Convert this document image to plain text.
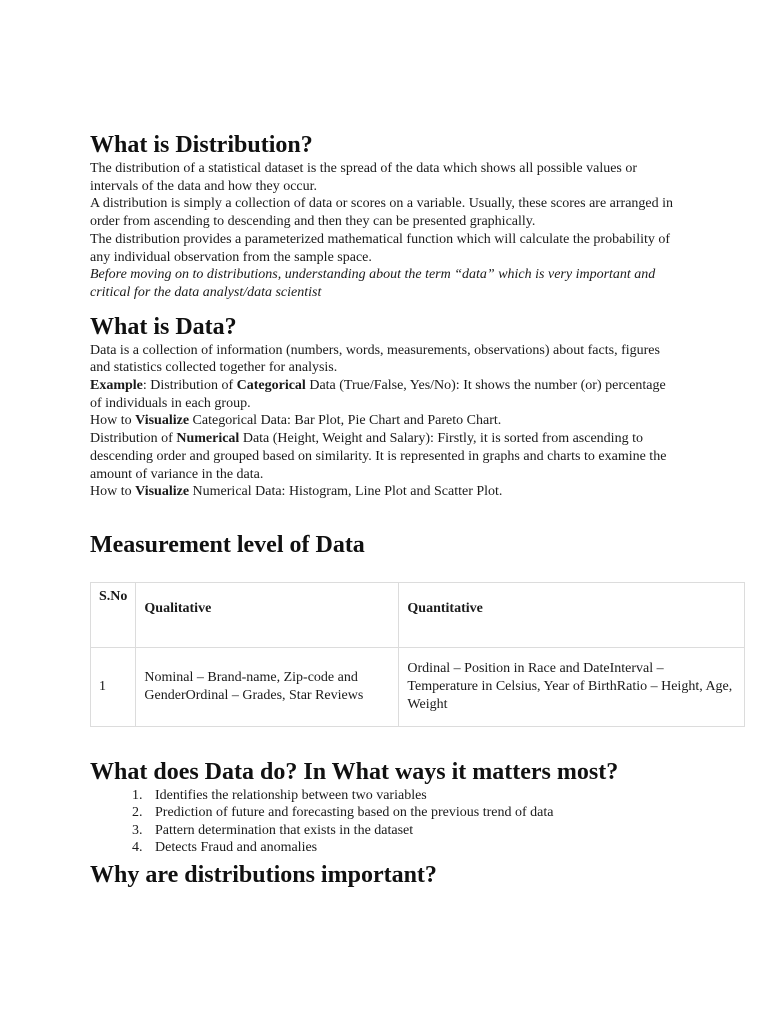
What is Distribution?

The distribution of a statistical dataset is the spread of the data which shows all possible values or intervals of the data and how they occur.

A distribution is simply a collection of data or scores on a variable. Usually, these scores are arranged in order from ascending to descending and then they can be presented graphically.

The distribution provides a parameterized mathematical function which will calculate the probability of any individual observation from the sample space.

Before moving on to distributions, understanding about the term “data” which is very important and critical for the data analyst/data scientist

What is Data?

Data is a collection of information (numbers, words, measurements, observations) about facts, figures and statistics collected together for analysis.

Example: Distribution of Categorical Data (True/False, Yes/No): It shows the number (or) percentage of individuals in each group.

How to Visualize Categorical Data: Bar Plot, Pie Chart and Pareto Chart.

Distribution of Numerical Data (Height, Weight and Salary): Firstly, it is sorted from ascending to descending order and grouped based on similarity. It is represented in graphs and charts to examine the amount of variance in the data.

How to Visualize Numerical Data: Histogram, Line Plot and Scatter Plot.

Measurement level of Data
S.No	Qualitative	Quantitative
1	Nominal – Brand-name, Zip-code and GenderOrdinal – Grades, Star Reviews	Ordinal – Position in Race and DateInterval – Temperature in Celsius, Year of BirthRatio – Height, Age, Weight
What does Data do? In What ways it matters most?
1. Identifies the relationship between two variables
2. Prediction of future and forecasting based on the previous trend of data
3. Pattern determination that exists in the dataset
4. Detects Fraud and anomalies
Why are distributions important?
